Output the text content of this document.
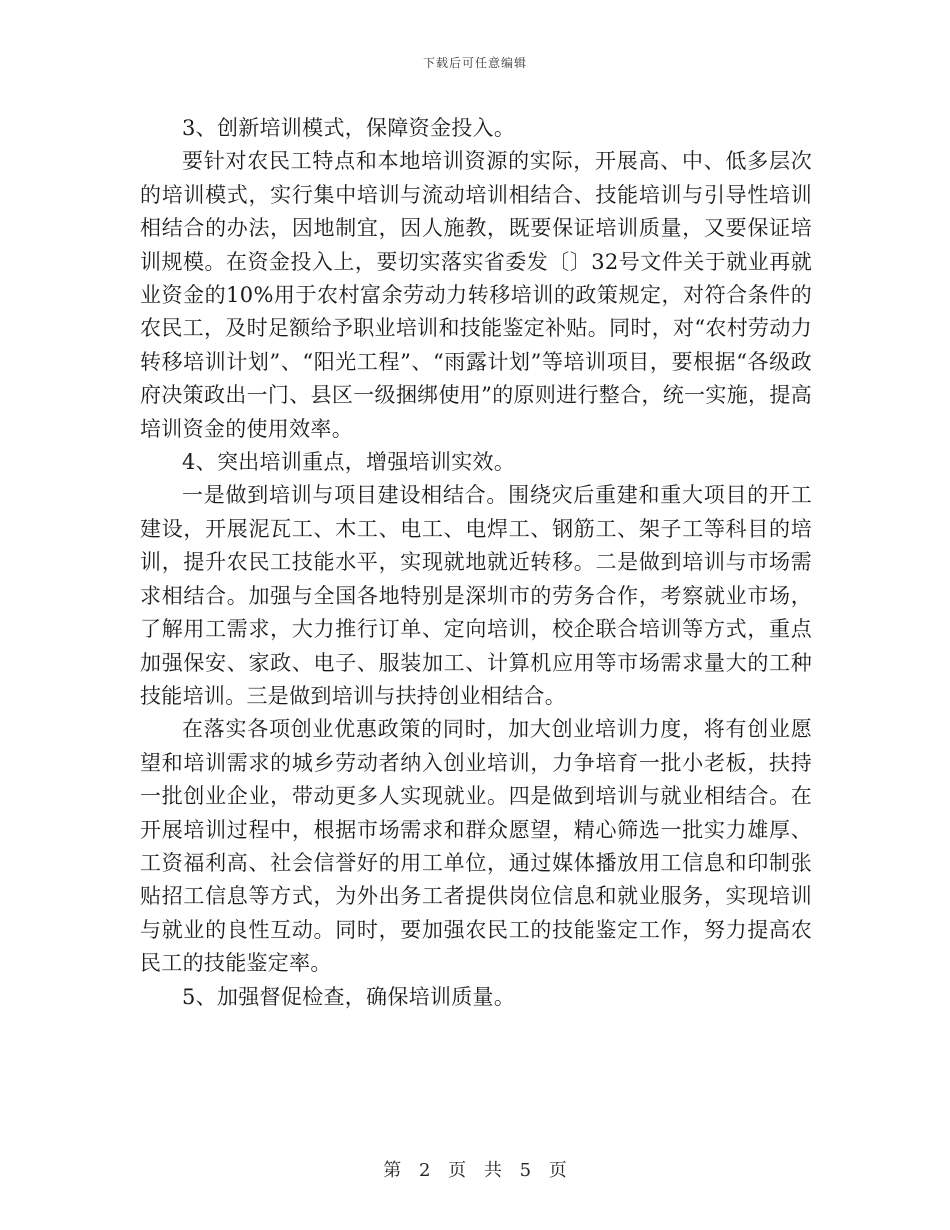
下载后可任意编辑

3、创新培训模式，保障资金投入。

要针对农民工特点和本地培训资源的实际，开展高、中、低多层次的培训模式，实行集中培训与流动培训相结合、技能培训与引导性培训相结合的办法，因地制宜，因人施教，既要保证培训质量，又要保证培训规模。在资金投入上，要切实落实省委发〔〕32号文件关于就业再就业资金的10%用于农村富余劳动力转移培训的政策规定，对符合条件的农民工，及时足额给予职业培训和技能鉴定补贴。同时，对“农村劳动力转移培训计划”、“阳光工程”、“雨露计划”等培训项目，要根据“各级政府决策政出一门、县区一级捆绑使用”的原则进行整合，统一实施，提高培训资金的使用效率。

4、突出培训重点，增强培训实效。

一是做到培训与项目建设相结合。围绕灾后重建和重大项目的开工建设，开展泥瓦工、木工、电工、电焊工、钢筋工、架子工等科目的培训，提升农民工技能水平，实现就地就近转移。二是做到培训与市场需求相结合。加强与全国各地特别是深圳市的劳务合作，考察就业市场，了解用工需求，大力推行订单、定向培训，校企联合培训等方式，重点加强保安、家政、电子、服装加工、计算机应用等市场需求量大的工种技能培训。三是做到培训与扶持创业相结合。

在落实各项创业优惠政策的同时，加大创业培训力度，将有创业愿望和培训需求的城乡劳动者纳入创业培训，力争培育一批小老板，扶持一批创业企业，带动更多人实现就业。四是做到培训与就业相结合。在开展培训过程中，根据市场需求和群众愿望，精心筛选一批实力雄厚、工资福利高、社会信誉好的用工单位，通过媒体播放用工信息和印制张贴招工信息等方式，为外出务工者提供岗位信息和就业服务，实现培训与就业的良性互动。同时，要加强农民工的技能鉴定工作，努力提高农民工的技能鉴定率。

5、加强督促检查，确保培训质量。

第 2 页 共 5 页
